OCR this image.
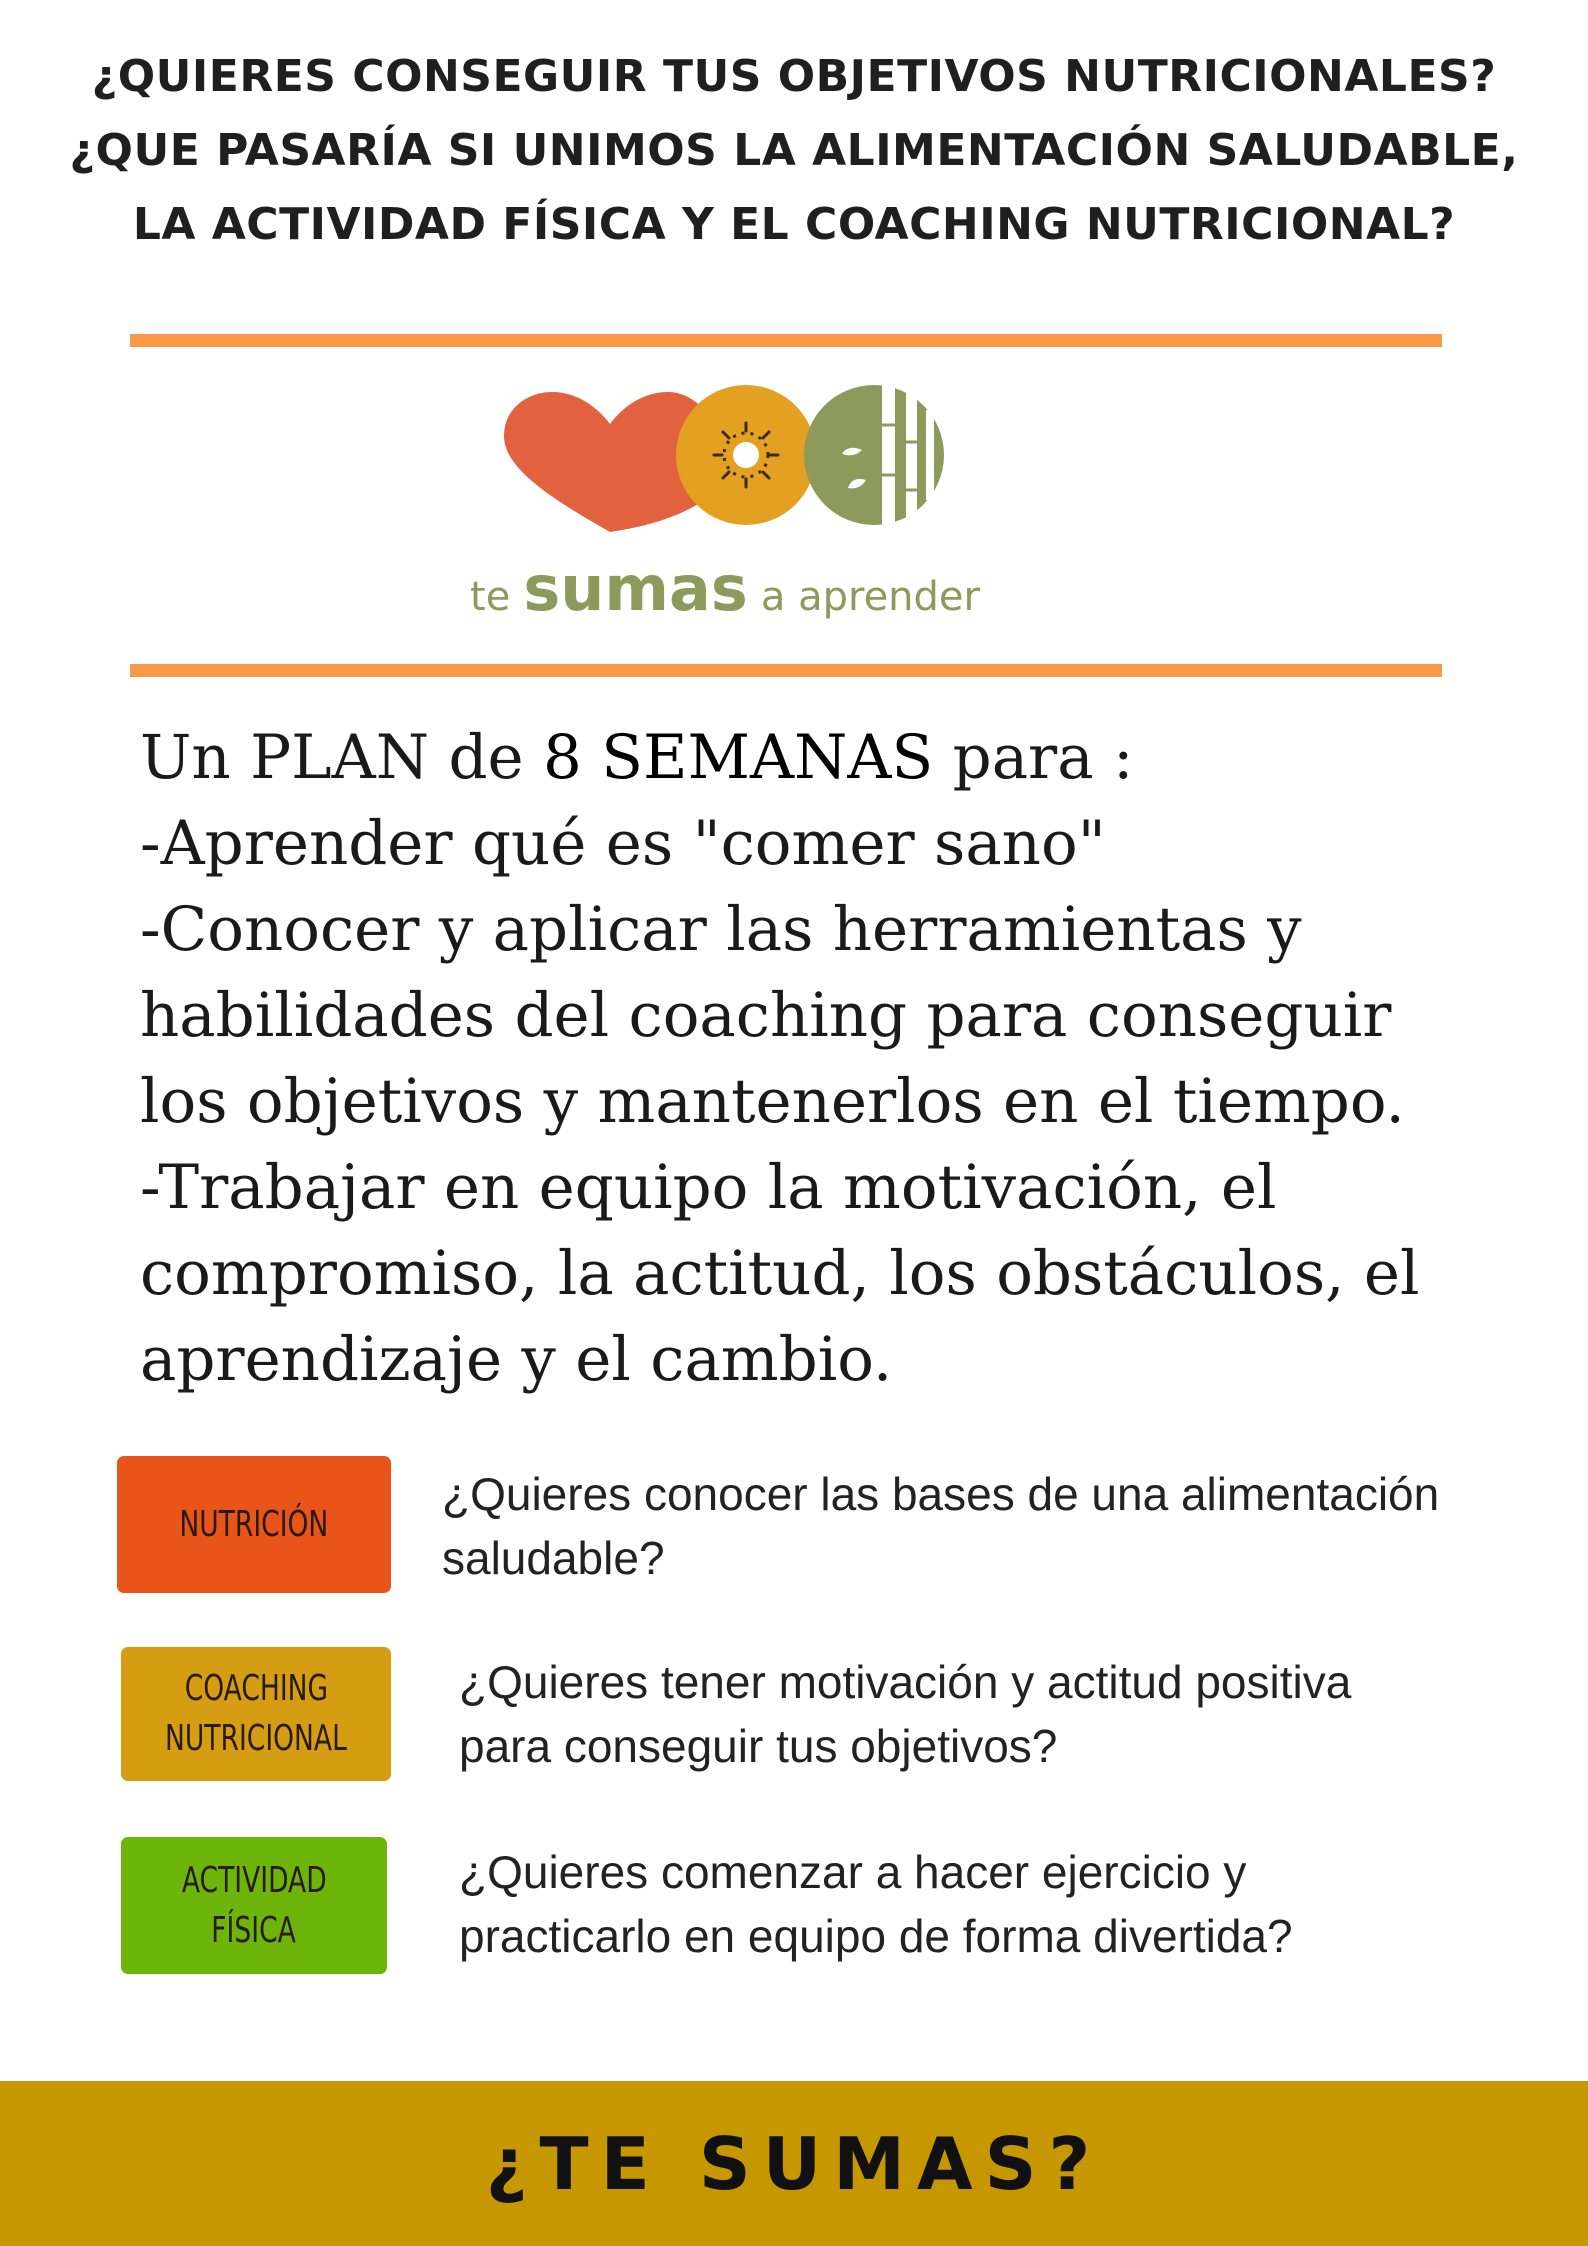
¿QUIERES CONSEGUIR TUS OBJETIVOS NUTRICIONALES?
¿QUE PASARÍA SI UNIMOS LA ALIMENTACIÓN SALUDABLE,
LA ACTIVIDAD FÍSICA Y EL COACHING NUTRICIONAL?
te sumas a aprender
Un PLAN de 8 SEMANAS para :
-Aprender qué es "comer sano"
-Conocer y aplicar las herramientas y
habilidades del coaching para conseguir
los objetivos y mantenerlos en el tiempo.
-Trabajar en equipo la motivación, el
compromiso, la actitud, los obstáculos, el
aprendizaje y el cambio.
NUTRICIÓN
¿Quieres conocer las bases de una alimentación
saludable?
COACHING
NUTRICIONAL
¿Quieres tener motivación y actitud positiva
para conseguir tus objetivos?
ACTIVIDAD
FÍSICA
¿Quieres comenzar a hacer ejercicio y
practicarlo en equipo de forma divertida?
¿TE SUMAS?
